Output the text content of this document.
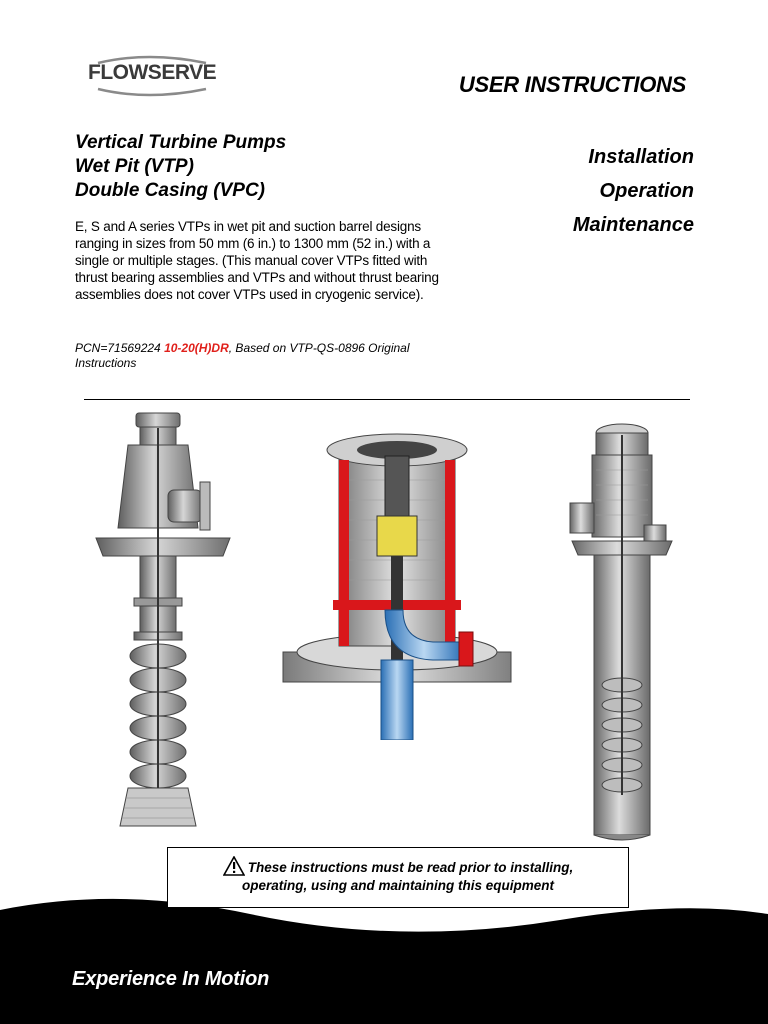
FLOWSERVE	USER INSTRUCTIONS
Vertical Turbine Pumps
Wet Pit (VTP)
Double Casing (VPC)
Installation
Operation
Maintenance
E, S and A series VTPs in wet pit and suction barrel designs ranging in sizes from 50 mm (6 in.) to 1300 mm (52 in.) with a single or multiple stages. (This manual cover VTPs fitted with thrust bearing assemblies and VTPs and without thrust bearing assemblies does not cover VTPs used in cryogenic service).
PCN=71569224 10-20(H)DR, Based on VTP-QS-0896 Original Instructions
These instructions must be read prior to installing,
operating, using and maintaining this equipment
Experience In Motion
